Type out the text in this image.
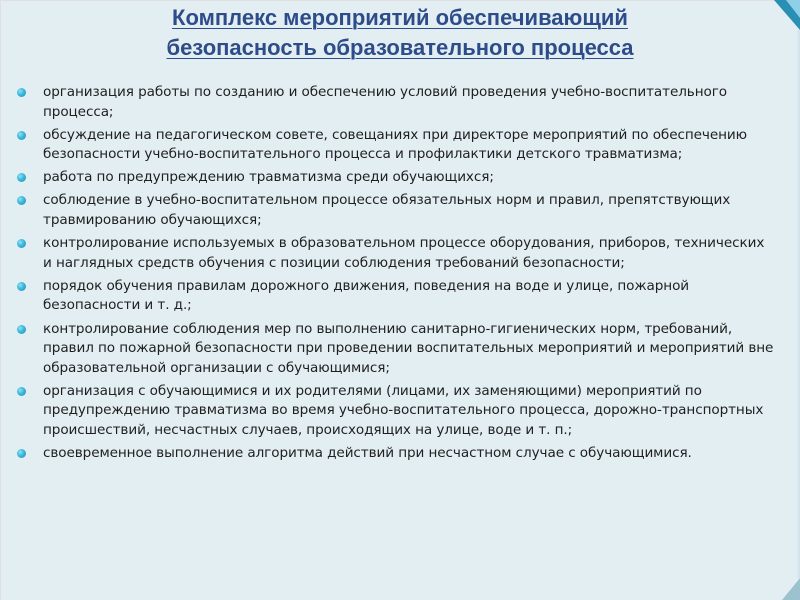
Комплекс мероприятий обеспечивающий
безопасность образовательного процесса
организация работы по созданию и обеспечению условий проведения учебно-воспитательного процесса;
обсуждение на педагогическом совете, совещаниях при директоре мероприятий по обеспечению безопасности учебно-воспитательного процесса и профилактики детского травматизма;
работа по предупреждению травматизма среди обучающихся;
соблюдение в учебно-воспитательном процессе обязательных норм и правил, препятствующих травмированию обучающихся;
контролирование используемых в образовательном процессе оборудования, приборов, технических и наглядных средств обучения с позиции соблюдения требований безопасности;
порядок обучения правилам дорожного движения, поведения на воде и улице, пожарной безопасности и т. д.;
контролирование соблюдения мер по выполнению санитарно-гигиенических норм, требований, правил по пожарной безопасности при проведении воспитательных мероприятий и мероприятий вне образовательной организации с обучающимися;
организация с обучающимися и их родителями (лицами, их заменяющими) мероприятий по предупреждению травматизма во время учебно-воспитательного процесса, дорожно-транспортных происшествий, несчастных случаев, происходящих на улице, воде и т. п.;
своевременное выполнение алгоритма действий при несчастном случае с обучающимися.
